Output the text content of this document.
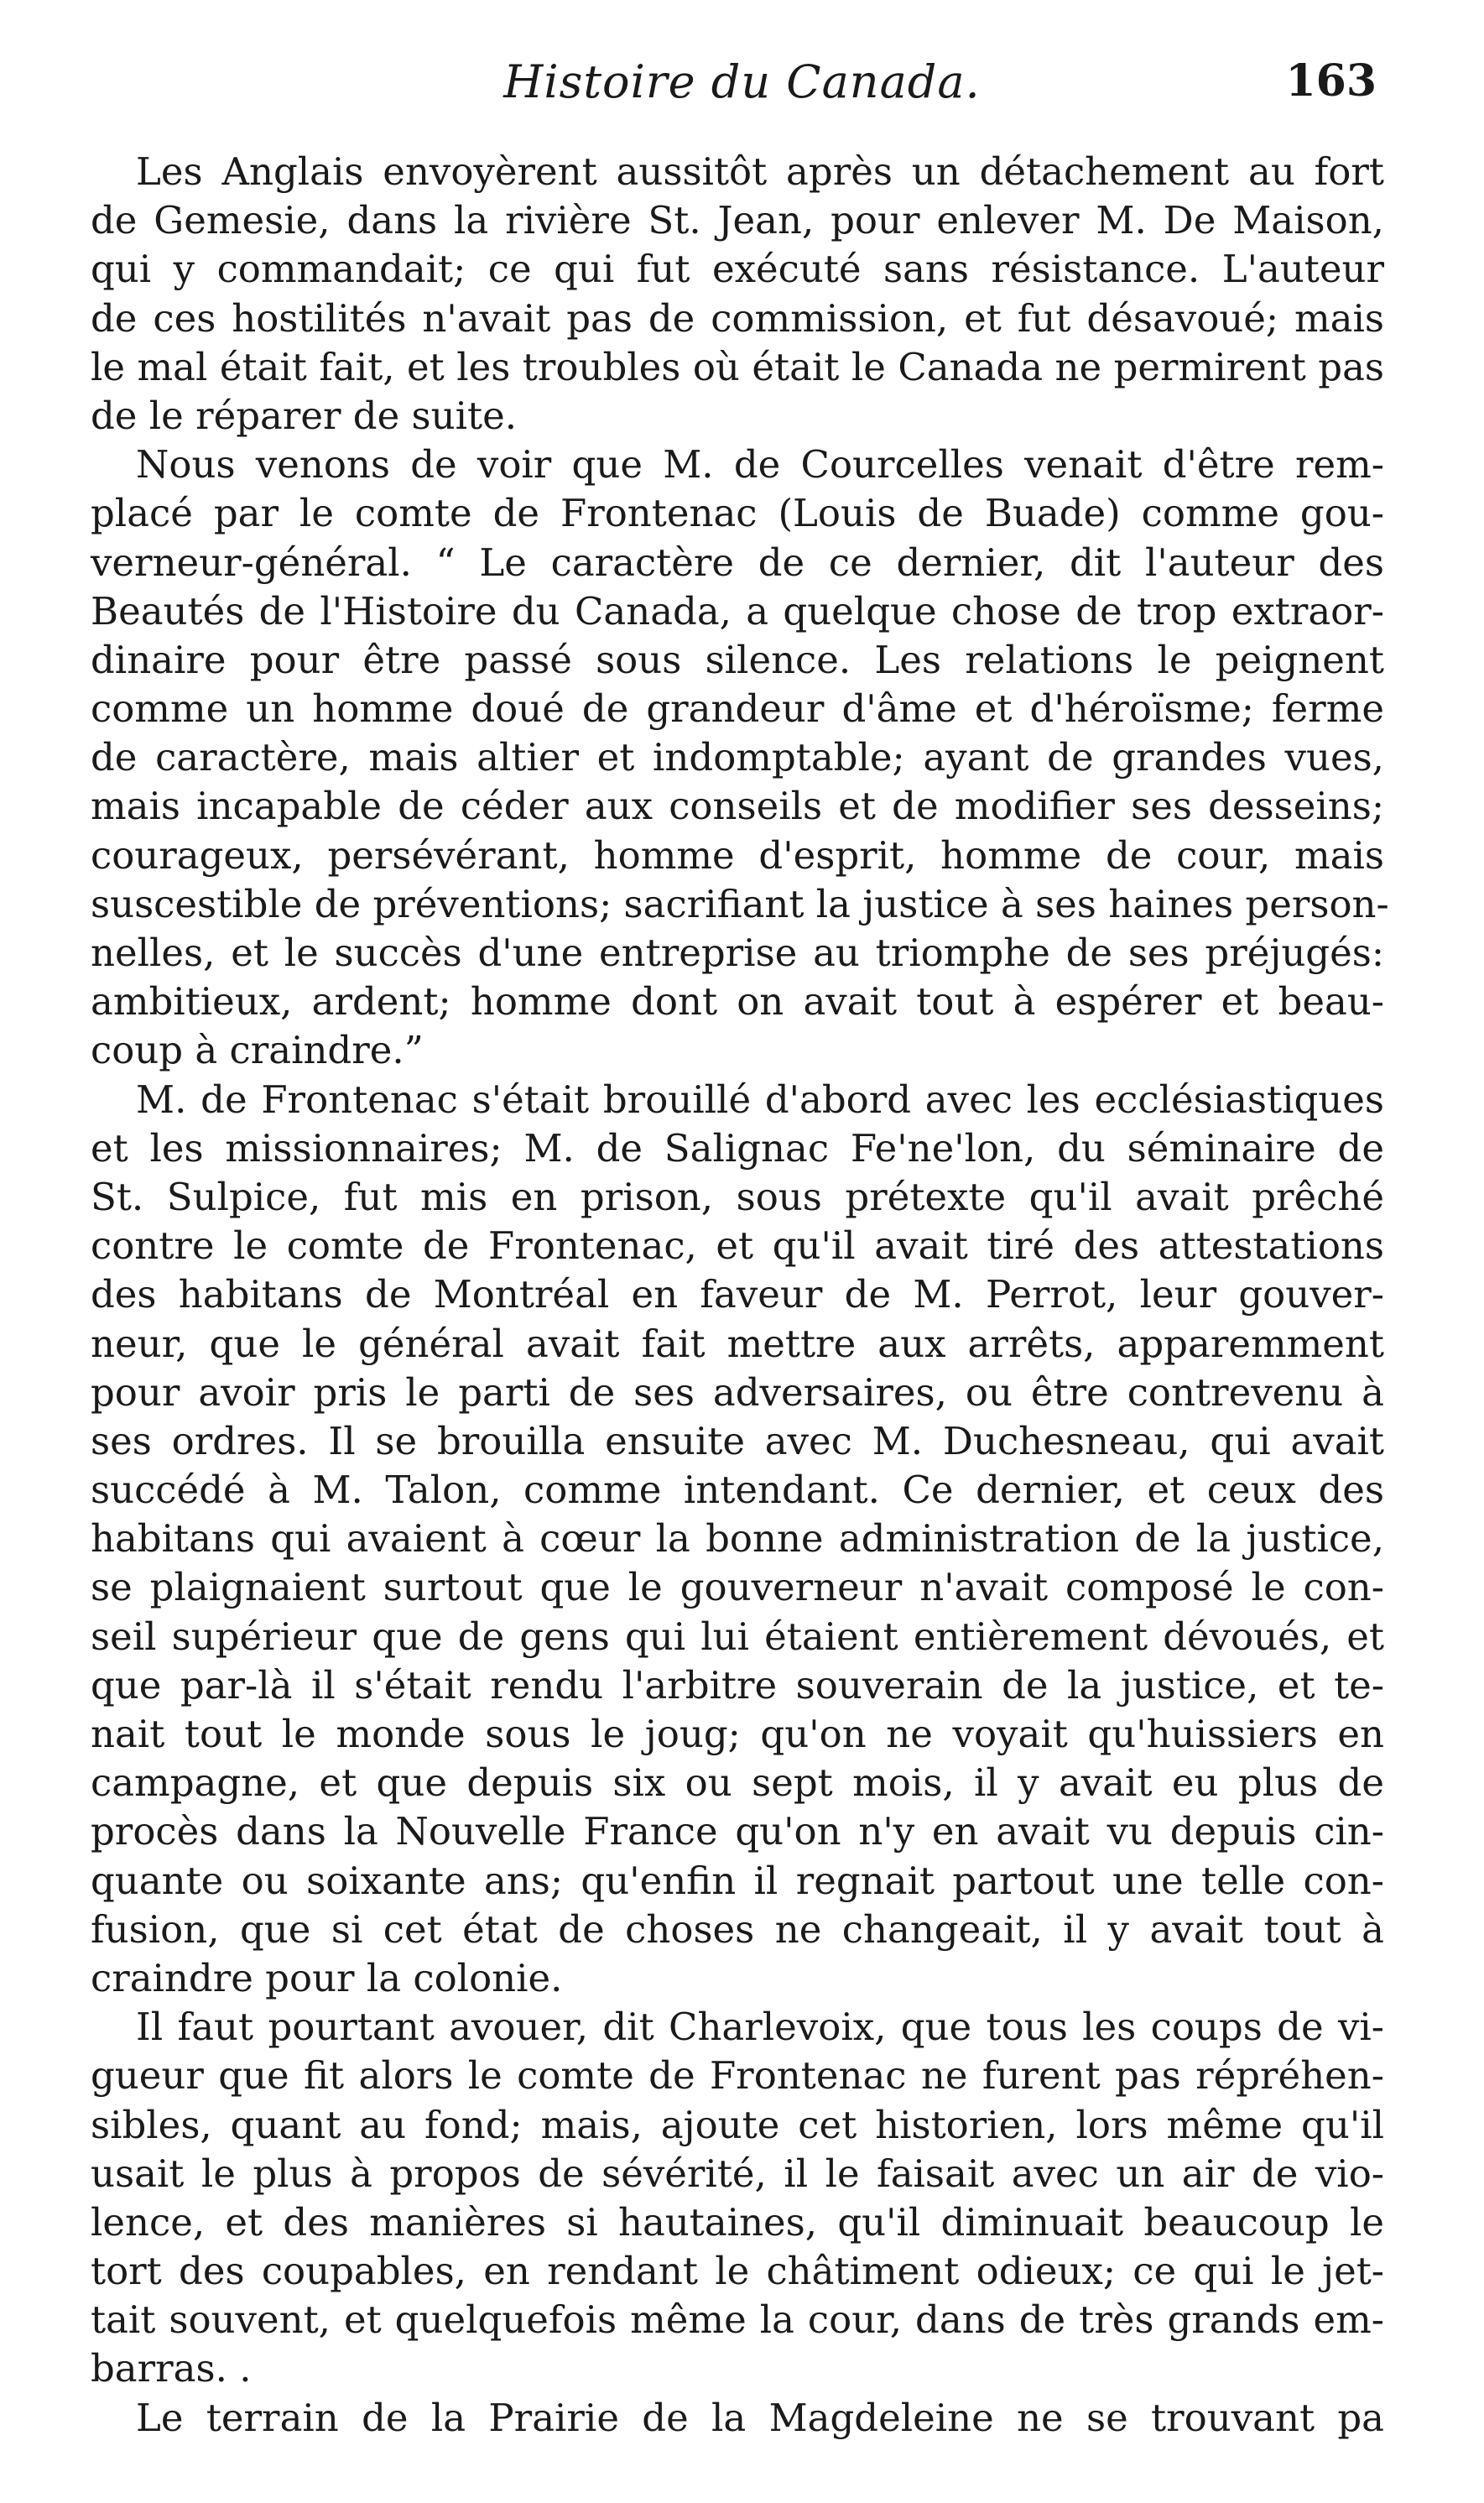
Histoire du Canada.	163
Les Anglais envoyèrent aussitôt après un détachement au fort
de Gemesie, dans la rivière St. Jean, pour enlever M. De Maison,
qui y commandait; ce qui fut exécuté sans résistance. L'auteur
de ces hostilités n'avait pas de commission, et fut désavoué; mais
le mal était fait, et les troubles où était le Canada ne permirent pas
de le réparer de suite.
Nous venons de voir que M. de Courcelles venait d'être rem-
placé par le comte de Frontenac (Louis de Buade) comme gou-
verneur-général. “ Le caractère de ce dernier, dit l'auteur des
Beautés de l'Histoire du Canada, a quelque chose de trop extraor-
dinaire pour être passé sous silence. Les relations le peignent
comme un homme doué de grandeur d'âme et d'héroïsme; ferme
de caractère, mais altier et indomptable; ayant de grandes vues,
mais incapable de céder aux conseils et de modifier ses desseins;
courageux, persévérant, homme d'esprit, homme de cour, mais
suscestible de préventions; sacrifiant la justice à ses haines person-
nelles, et le succès d'une entreprise au triomphe de ses préjugés:
ambitieux, ardent; homme dont on avait tout à espérer et beau-
coup à craindre.”
M. de Frontenac s'était brouillé d'abord avec les ecclésiastiques
et les missionnaires; M. de Salignac Fe'ne'lon, du séminaire de
St. Sulpice, fut mis en prison, sous prétexte qu'il avait prêché
contre le comte de Frontenac, et qu'il avait tiré des attestations
des habitans de Montréal en faveur de M. Perrot, leur gouver-
neur, que le général avait fait mettre aux arrêts, apparemment
pour avoir pris le parti de ses adversaires, ou être contrevenu à
ses ordres. Il se brouilla ensuite avec M. Duchesneau, qui avait
succédé à M. Talon, comme intendant. Ce dernier, et ceux des
habitans qui avaient à cœur la bonne administration de la justice,
se plaignaient surtout que le gouverneur n'avait composé le con-
seil supérieur que de gens qui lui étaient entièrement dévoués, et
que par-là il s'était rendu l'arbitre souverain de la justice, et te-
nait tout le monde sous le joug; qu'on ne voyait qu'huissiers en
campagne, et que depuis six ou sept mois, il y avait eu plus de
procès dans la Nouvelle France qu'on n'y en avait vu depuis cin-
quante ou soixante ans; qu'enfin il regnait partout une telle con-
fusion, que si cet état de choses ne changeait, il y avait tout à
craindre pour la colonie.
Il faut pourtant avouer, dit Charlevoix, que tous les coups de vi-
gueur que fit alors le comte de Frontenac ne furent pas répréhen-
sibles, quant au fond; mais, ajoute cet historien, lors même qu'il
usait le plus à propos de sévérité, il le faisait avec un air de vio-
lence, et des manières si hautaines, qu'il diminuait beaucoup le
tort des coupables, en rendant le châtiment odieux; ce qui le jet-
tait souvent, et quelquefois même la cour, dans de très grands em-
barras. .
Le terrain de la Prairie de la Magdeleine ne se trouvant pa
